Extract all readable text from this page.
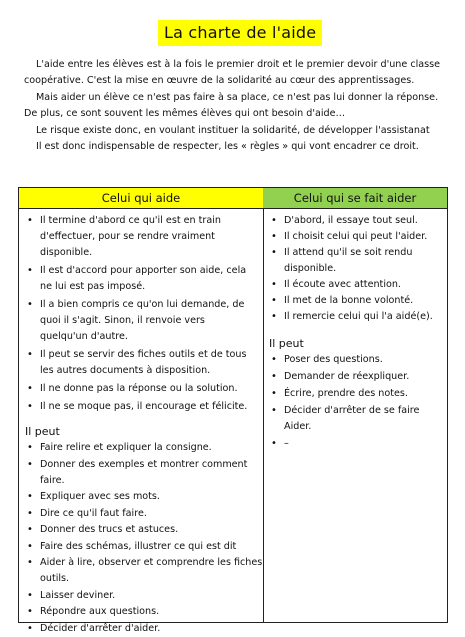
La charte de l'aide

L'aide entre les élèves est à la fois le premier droit et le premier devoir d'une classe coopérative. C'est la mise en œuvre de la solidarité au cœur des apprentissages.

Mais aider un élève ce n'est pas faire à sa place, ce n'est pas lui donner la réponse. De plus, ce sont souvent les mêmes élèves qui ont besoin d'aide…

Le risque existe donc, en voulant instituer la solidarité, de développer l'assistanat

Il est donc indispensable de respecter, les « règles » qui vont encadrer ce droit.

Celui qui aide
• Il termine d'abord ce qu'il est en train d'effectuer, pour se rendre vraiment disponible.
• Il est d'accord pour apporter son aide, cela ne lui est pas imposé.
• Il a bien compris ce qu'on lui demande, de quoi il s'agit. Sinon, il renvoie vers quelqu'un d'autre.
• Il peut se servir des fiches outils et de tous les autres documents à disposition.
• Il ne donne pas la réponse ou la solution.
• Il ne se moque pas, il encourage et félicite.
Il peut
• Faire relire et expliquer la consigne.
• Donner des exemples et montrer comment faire.
• Expliquer avec ses mots.
• Dire ce qu'il faut faire.
• Donner des trucs et astuces.
• Faire des schémas, illustrer ce qui est dit
• Aider à lire, observer et comprendre les fiches outils.
• Laisser deviner.
• Répondre aux questions.
• Décider d'arrêter d'aider.
Celui qui se fait aider
• D'abord, il essaye tout seul.
• Il choisit celui qui peut l'aider.
• Il attend qu'il se soit rendu disponible.
• Il écoute avec attention.
• Il met de la bonne volonté.
• Il remercie celui qui l'a aidé(e).
Il peut
• Poser des questions.
• Demander de réexpliquer.
• Écrire, prendre des notes.
• Décider d'arrêter de se faire Aider.
• –
